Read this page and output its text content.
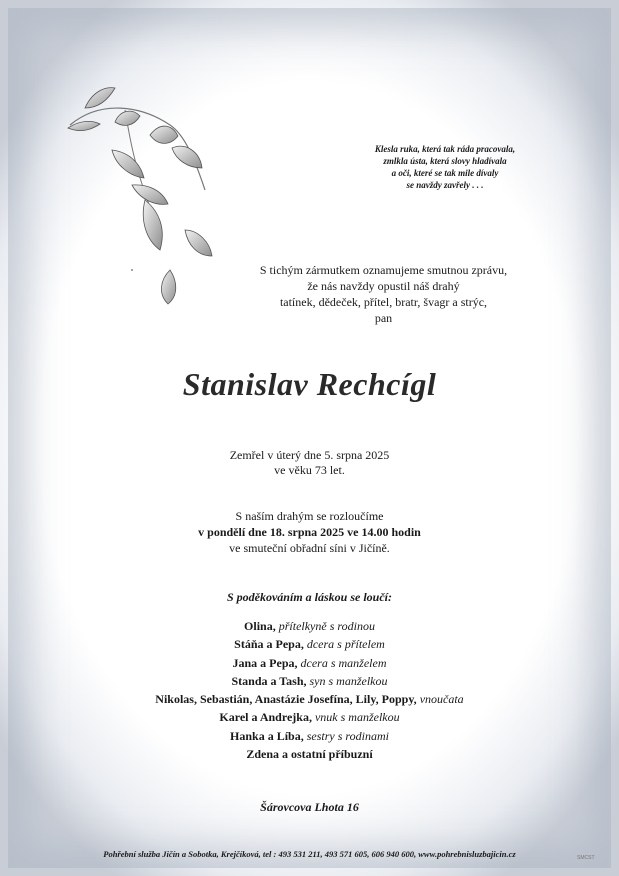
Klesla ruka, která tak ráda pracovala,
zmlkla ústa, která slovy hladívala
a oči, které se tak mile dívaly
se navždy zavřely . . .
S tichým zármutkem oznamujeme smutnou zprávu,
že nás navždy opustil náš drahý
tatínek, dědeček, přítel, bratr, švagr a strýc,
pan
Stanislav Rechcígl
Zemřel v úterý dne 5. srpna 2025
ve věku 73 let.
S naším drahým se rozloučíme
v pondělí dne 18. srpna 2025 ve 14.00 hodin
ve smuteční obřadní síni v Jičíně.
S poděkováním a láskou se loučí:
Olina, přítelkyně s rodinou
Stáňa a Pepa, dcera s přítelem
Jana a Pepa, dcera s manželem
Standa a Tash, syn s manželkou
Nikolas, Sebastián, Anastázie Josefína, Lily, Poppy, vnoučata
Karel a Andrejka, vnuk s manželkou
Hanka a Líba, sestry s rodinami
Zdena a ostatní příbuzní
Šárovcova Lhota 16
Pohřební služba Jičín a Sobotka, Krejčíková, tel : 493 531 211, 493 571 605, 606 940 600, www.pohrebnisluzbajicin.cz	SMCST
